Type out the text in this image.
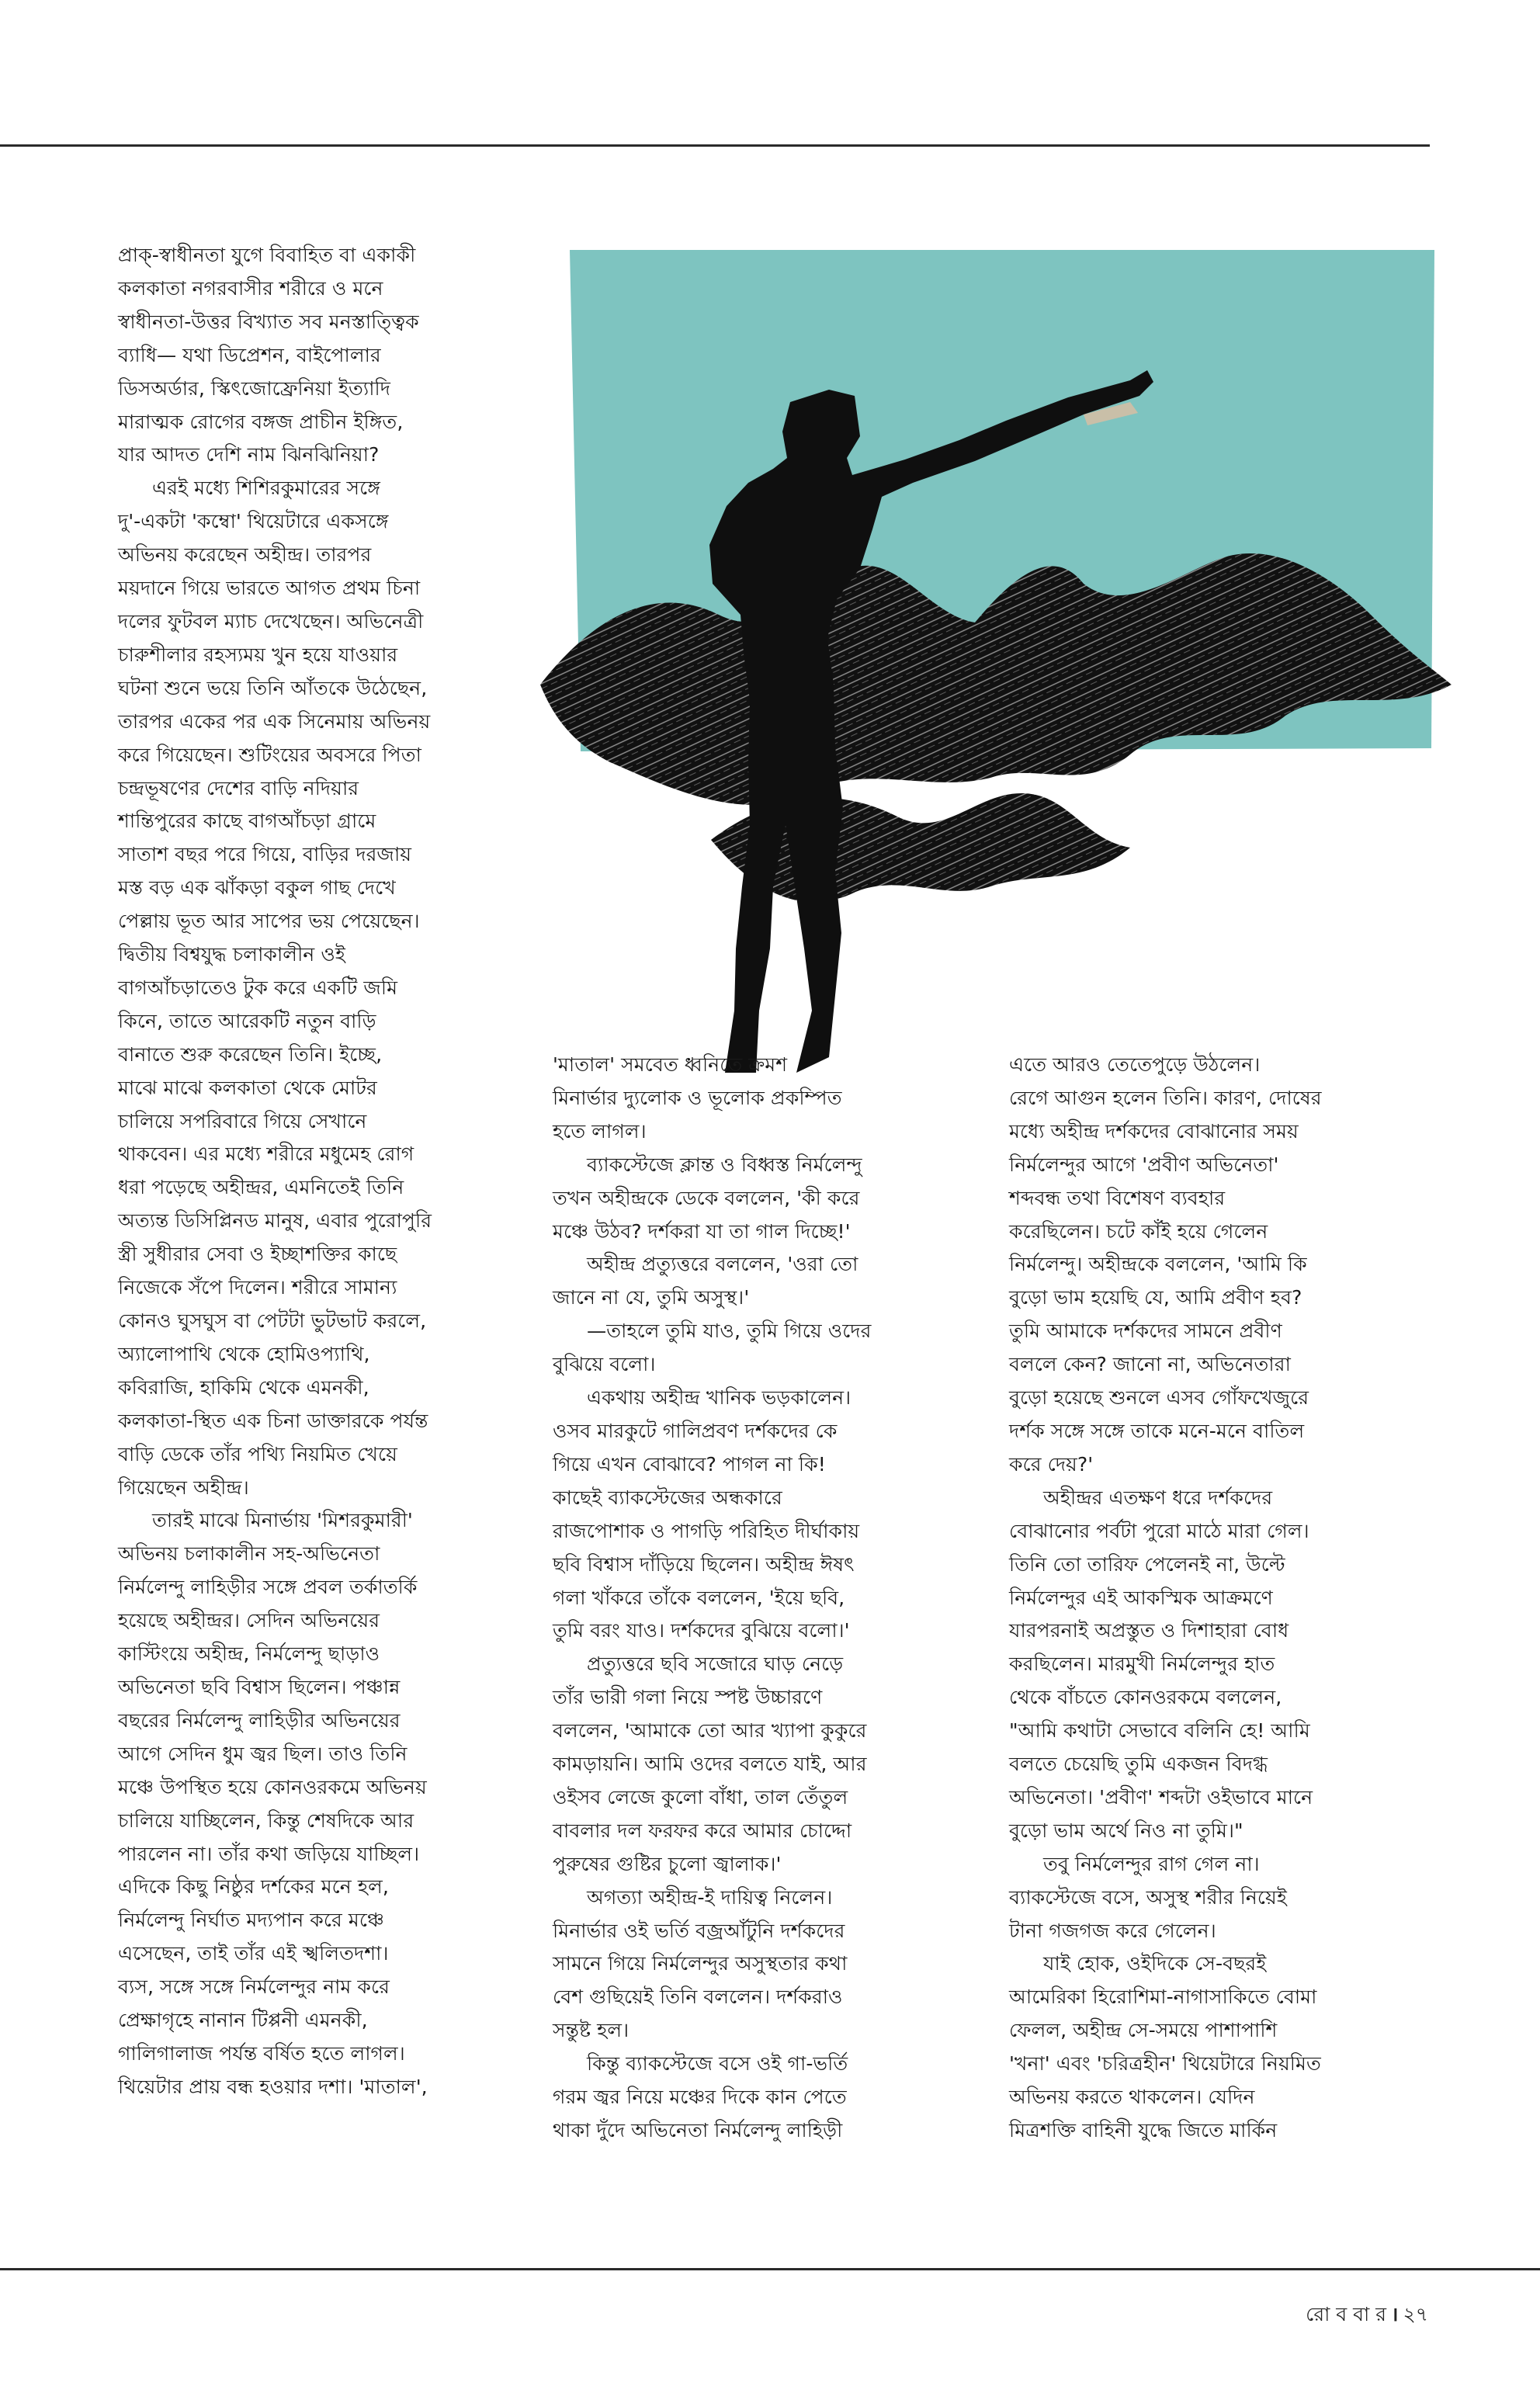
প্রাক্‌-স্বাধীনতা যুগে বিবাহিত বা একাকী
কলকাতা নগরবাসীর শরীরে ও মনে
স্বাধীনতা-উত্তর বিখ্যাত সব মনস্তাত্ত্বিক
ব্যাধি— যথা ডিপ্রেশন, বাইপোলার
ডিসঅর্ডার, স্কিৎজোফ্রেনিয়া ইত্যাদি
মারাত্মক রোগের বঙ্গজ প্রাচীন ইঙ্গিত,
যার আদত দেশি নাম ঝিনঝিনিয়া?

এরই মধ্যে শিশিরকুমারের সঙ্গে
দু'-একটা 'কম্বো' থিয়েটারে একসঙ্গে
অভিনয় করেছেন অহীন্দ্র। তারপর
ময়দানে গিয়ে ভারতে আগত প্রথম চিনা
দলের ফুটবল ম্যাচ দেখেছেন। অভিনেত্রী
চারুশীলার রহস্যময় খুন হয়ে যাওয়ার
ঘটনা শুনে ভয়ে তিনি আঁতকে উঠেছেন,
তারপর একের পর এক সিনেমায় অভিনয়
করে গিয়েছেন। শুটিংয়ের অবসরে পিতা
চন্দ্রভূষণের দেশের বাড়ি নদিয়ার
শান্তিপুরের কাছে বাগআঁচড়া গ্রামে
সাতাশ বছর পরে গিয়ে, বাড়ির দরজায়
মস্ত বড় এক ঝাঁকড়া বকুল গাছ দেখে
পেল্লায় ভূত আর সাপের ভয় পেয়েছেন।
দ্বিতীয় বিশ্বযুদ্ধ চলাকালীন ওই
বাগআঁচড়াতেও টুক করে একটি জমি
কিনে, তাতে আরেকটি নতুন বাড়ি
বানাতে শুরু করেছেন তিনি। ইচ্ছে,
মাঝে মাঝে কলকাতা থেকে মোটর
চালিয়ে সপরিবারে গিয়ে সেখানে
থাকবেন। এর মধ্যে শরীরে মধুমেহ রোগ
ধরা পড়েছে অহীন্দ্রর, এমনিতেই তিনি
অত্যন্ত ডিসিপ্লিনড মানুষ, এবার পুরোপুরি
স্ত্রী সুধীরার সেবা ও ইচ্ছাশক্তির কাছে
নিজেকে সঁপে দিলেন। শরীরে সামান্য
কোনও ঘুসঘুস বা পেটটা ভুটভাট করলে,
অ্যালোপাথি থেকে হোমিওপ্যাথি,
কবিরাজি, হাকিমি থেকে এমনকী,
কলকাতা-স্থিত এক চিনা ডাক্তারকে পর্যন্ত
বাড়ি ডেকে তাঁর পথ্যি নিয়মিত খেয়ে
গিয়েছেন অহীন্দ্র।

তারই মাঝে মিনার্ভায় 'মিশরকুমারী'
অভিনয় চলাকালীন সহ-অভিনেতা
নির্মলেন্দু লাহিড়ীর সঙ্গে প্রবল তর্কাতর্কি
হয়েছে অহীন্দ্রর। সেদিন অভিনয়ের
কাস্টিংয়ে অহীন্দ্র, নির্মলেন্দু ছাড়াও
অভিনেতা ছবি বিশ্বাস ছিলেন। পঞ্চান্ন
বছরের নির্মলেন্দু লাহিড়ীর অভিনয়ের
আগে সেদিন ধুম জ্বর ছিল। তাও তিনি
মঞ্চে উপস্থিত হয়ে কোনওরকমে অভিনয়
চালিয়ে যাচ্ছিলেন, কিন্তু শেষদিকে আর
পারলেন না। তাঁর কথা জড়িয়ে যাচ্ছিল।
এদিকে কিছু নিষ্ঠুর দর্শকের মনে হল,
নির্মলেন্দু নির্ঘাত মদ্যপান করে মঞ্চে
এসেছেন, তাই তাঁর এই স্খলিতদশা।
ব্যস, সঙ্গে সঙ্গে নির্মলেন্দুর নাম করে
প্রেক্ষাগৃহে নানান টিপ্পনী এমনকী,
গালিগালাজ পর্যন্ত বর্ষিত হতে লাগল।
থিয়েটার প্রায় বন্ধ হওয়ার দশা। 'মাতাল',

'মাতাল' সমবেত ধ্বনিতে ক্রমশ
মিনার্ভার দ্যুলোক ও ভূলোক প্রকম্পিত
হতে লাগল।

ব্যাকস্টেজে ক্লান্ত ও বিধ্বস্ত নির্মলেন্দু
তখন অহীন্দ্রকে ডেকে বললেন, 'কী করে
মঞ্চে উঠব? দর্শকরা যা তা গাল দিচ্ছে!'

অহীন্দ্র প্রত্যুত্তরে বললেন, 'ওরা তো
জানে না যে, তুমি অসুস্থ।'

—তাহলে তুমি যাও, তুমি গিয়ে ওদের
বুঝিয়ে বলো।

একথায় অহীন্দ্র খানিক ভড়কালেন।
ওসব মারকুটে গালিপ্রবণ দর্শকদের কে
গিয়ে এখন বোঝাবে? পাগল না কি!
কাছেই ব্যাকস্টেজের অন্ধকারে
রাজপোশাক ও পাগড়ি পরিহিত দীর্ঘাকায়
ছবি বিশ্বাস দাঁড়িয়ে ছিলেন। অহীন্দ্র ঈষৎ
গলা খাঁকরে তাঁকে বললেন, 'ইয়ে ছবি,
তুমি বরং যাও। দর্শকদের বুঝিয়ে বলো।'

প্রত্যুত্তরে ছবি সজোরে ঘাড় নেড়ে
তাঁর ভারী গলা নিয়ে স্পষ্ট উচ্চারণে
বললেন, 'আমাকে তো আর খ্যাপা কুকুরে
কামড়ায়নি। আমি ওদের বলতে যাই, আর
ওইসব লেজে কুলো বাঁধা, তাল তেঁতুল
বাবলার দল ফরফর করে আমার চোদ্দো
পুরুষের গুষ্টির চুলো জ্বালাক।'

অগত্যা অহীন্দ্র-ই দায়িত্ব নিলেন।
মিনার্ভার ওই ভর্তি বজ্রআঁটুনি দর্শকদের
সামনে গিয়ে নির্মলেন্দুর অসুস্থতার কথা
বেশ গুছিয়েই তিনি বললেন। দর্শকরাও
সন্তুষ্ট হল।

কিন্তু ব্যাকস্টেজে বসে ওই গা-ভর্তি
গরম জ্বর নিয়ে মঞ্চের দিকে কান পেতে
থাকা দুঁদে অভিনেতা নির্মলেন্দু লাহিড়ী

এতে আরও তেতেপুড়ে উঠলেন।
রেগে আগুন হলেন তিনি। কারণ, দোষের
মধ্যে অহীন্দ্র দর্শকদের বোঝানোর সময়
নির্মলেন্দুর আগে 'প্রবীণ অভিনেতা'
শব্দবন্ধ তথা বিশেষণ ব্যবহার
করেছিলেন। চটে কাঁই হয়ে গেলেন
নির্মলেন্দু। অহীন্দ্রকে বললেন, 'আমি কি
বুড়ো ভাম হয়েছি যে, আমি প্রবীণ হব?
তুমি আমাকে দর্শকদের সামনে প্রবীণ
বললে কেন? জানো না, অভিনেতারা
বুড়ো হয়েছে শুনলে এসব গোঁফখেজুরে
দর্শক সঙ্গে সঙ্গে তাকে মনে-মনে বাতিল
করে দেয়?'

অহীন্দ্রর এতক্ষণ ধরে দর্শকদের
বোঝানোর পর্বটা পুরো মাঠে মারা গেল।
তিনি তো তারিফ পেলেনই না, উল্টে
নির্মলেন্দুর এই আকস্মিক আক্রমণে
যারপরনাই অপ্রস্তুত ও দিশাহারা বোধ
করছিলেন। মারমুখী নির্মলেন্দুর হাত
থেকে বাঁচতে কোনওরকমে বললেন,
"আমি কথাটা সেভাবে বলিনি হে! আমি
বলতে চেয়েছি তুমি একজন বিদগ্ধ
অভিনেতা। 'প্রবীণ' শব্দটা ওইভাবে মানে
বুড়ো ভাম অর্থে নিও না তুমি।"

তবু নির্মলেন্দুর রাগ গেল না।
ব্যাকস্টেজে বসে, অসুস্থ শরীর নিয়েই
টানা গজগজ করে গেলেন।

যাই হোক, ওইদিকে সে-বছরই
আমেরিকা হিরোশিমা-নাগাসাকিতে বোমা
ফেলল, অহীন্দ্র সে-সময়ে পাশাপাশি
'খনা' এবং 'চরিত্রহীন' থিয়েটারে নিয়মিত
অভিনয় করতে থাকলেন। যেদিন
মিত্রশক্তি বাহিনী যুদ্ধে জিতে মার্কিন

রো ব বা র । ২৭
